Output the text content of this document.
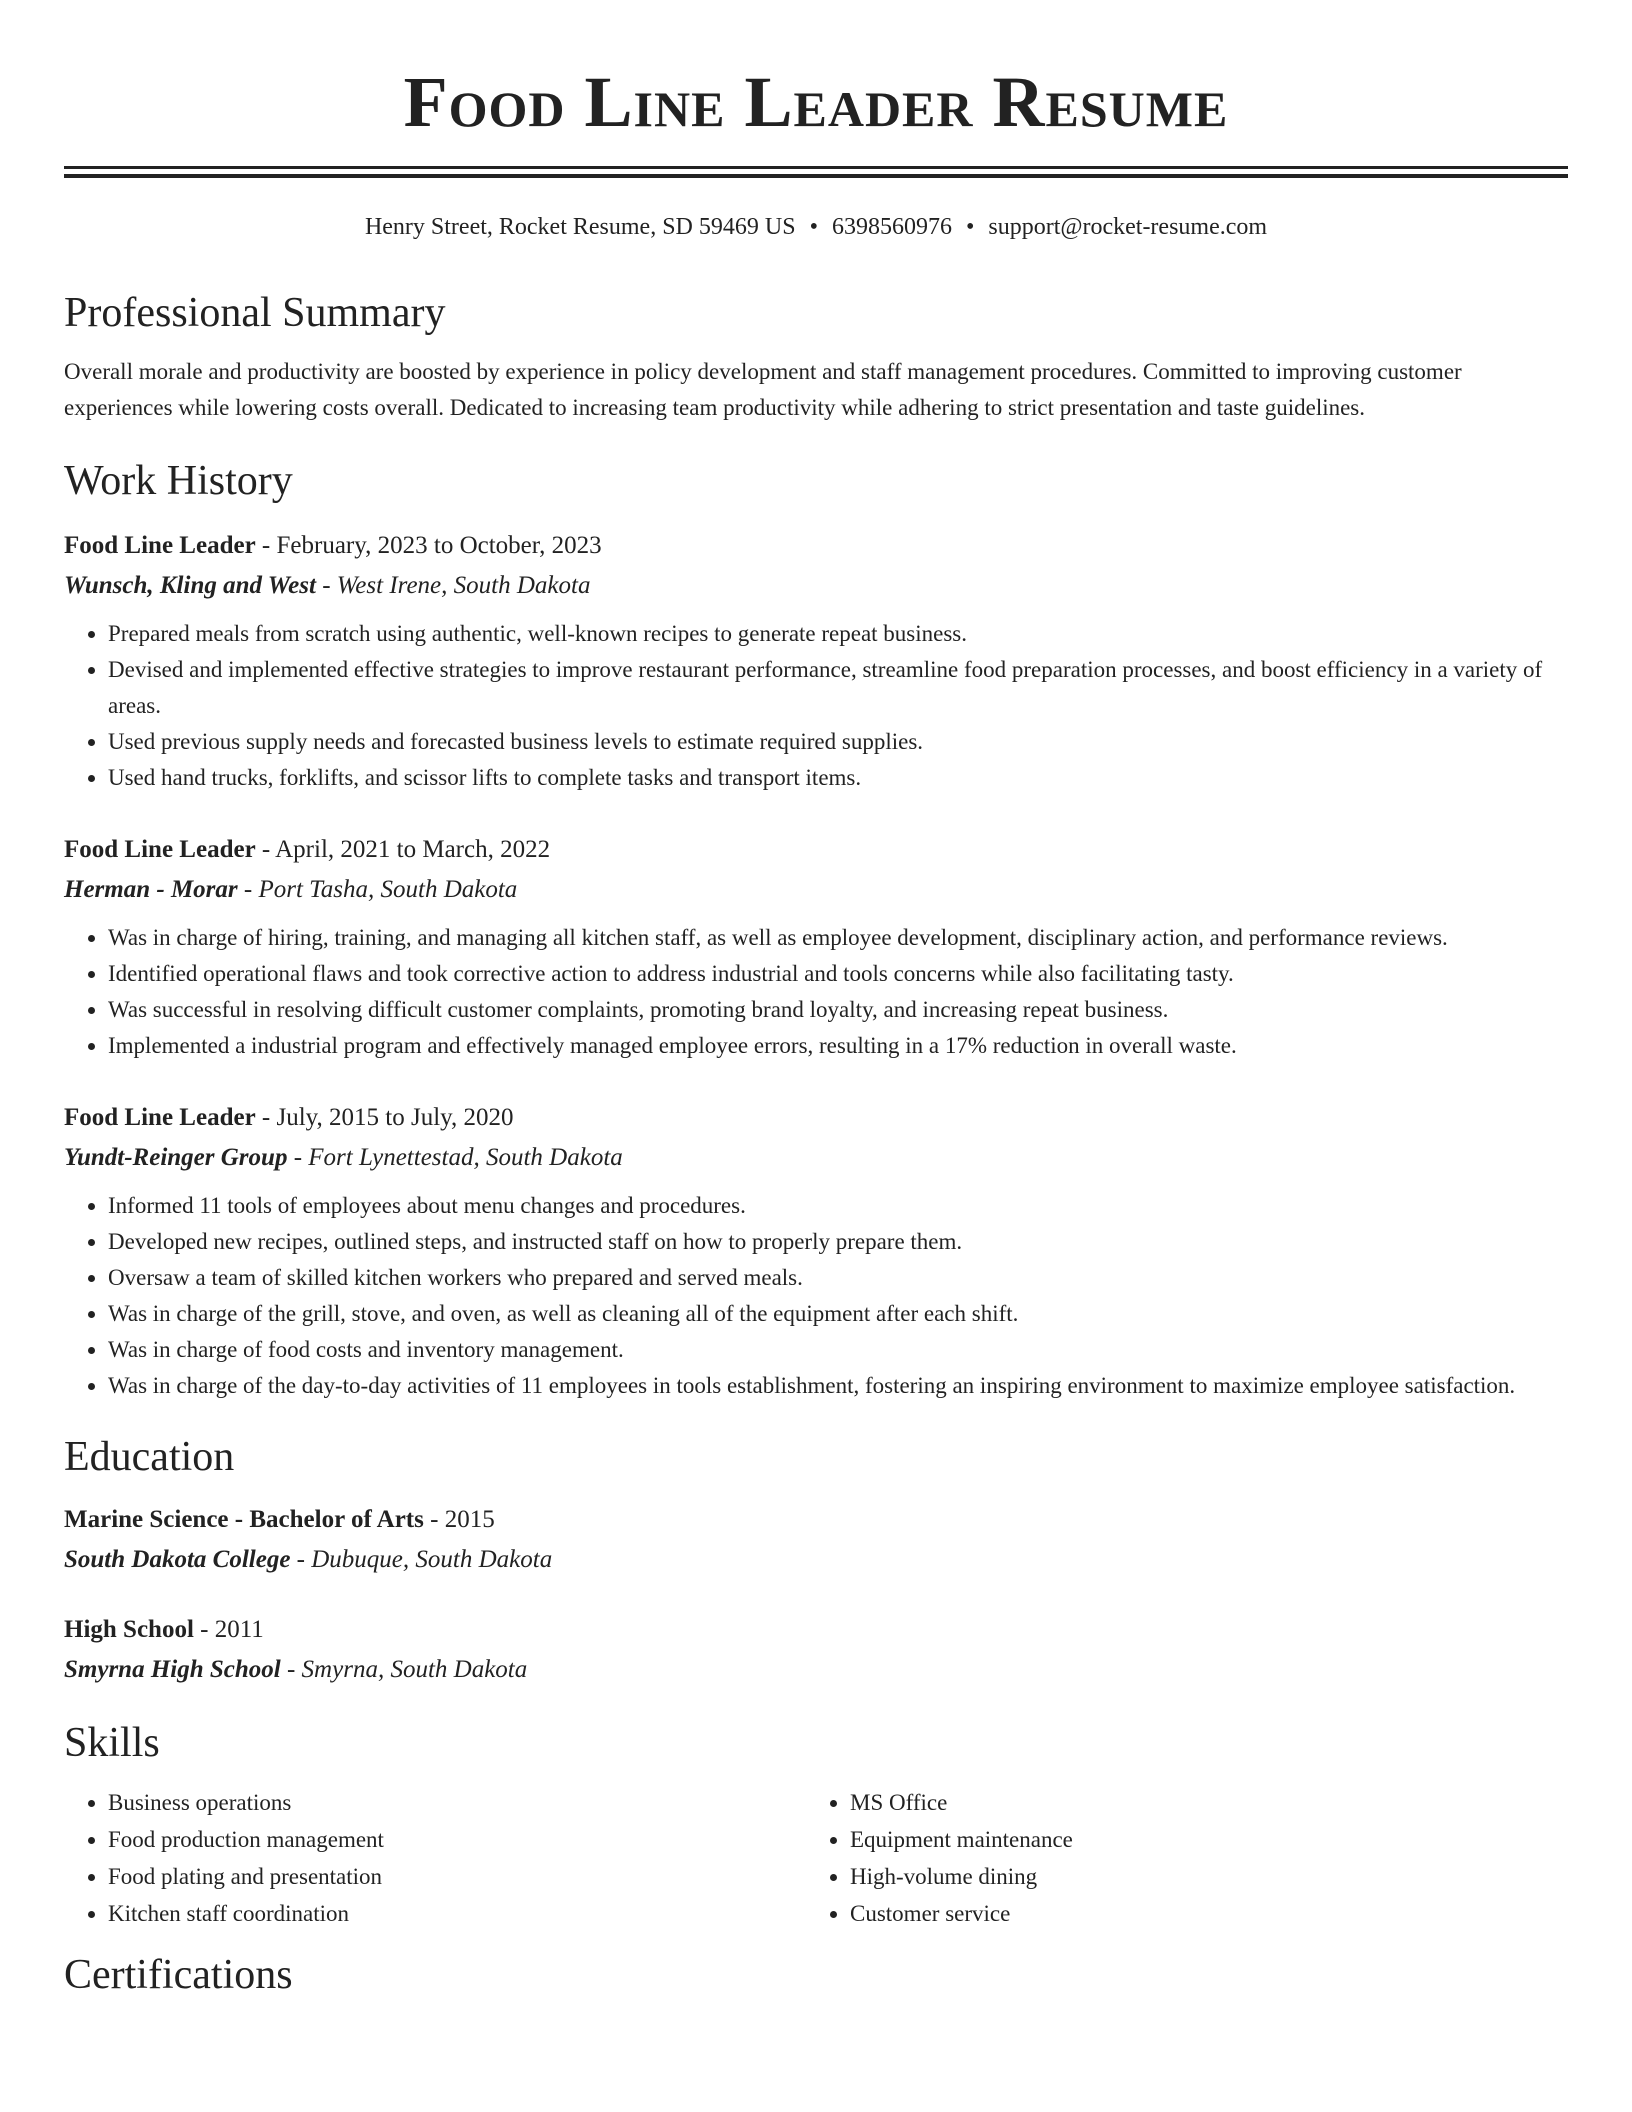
Food Line Leader Resume
Henry Street, Rocket Resume, SD 59469 US • 6398560976 • support@rocket-resume.com
Professional Summary
Overall morale and productivity are boosted by experience in policy development and staff management procedures. Committed to improving customer experiences while lowering costs overall. Dedicated to increasing team productivity while adhering to strict presentation and taste guidelines.
Work History
Food Line Leader - February, 2023 to October, 2023
Wunsch, Kling and West - West Irene, South Dakota
• Prepared meals from scratch using authentic, well-known recipes to generate repeat business.
• Devised and implemented effective strategies to improve restaurant performance, streamline food preparation processes, and boost efficiency in a variety of areas.
• Used previous supply needs and forecasted business levels to estimate required supplies.
• Used hand trucks, forklifts, and scissor lifts to complete tasks and transport items.
Food Line Leader - April, 2021 to March, 2022
Herman - Morar - Port Tasha, South Dakota
• Was in charge of hiring, training, and managing all kitchen staff, as well as employee development, disciplinary action, and performance reviews.
• Identified operational flaws and took corrective action to address industrial and tools concerns while also facilitating tasty.
• Was successful in resolving difficult customer complaints, promoting brand loyalty, and increasing repeat business.
• Implemented a industrial program and effectively managed employee errors, resulting in a 17% reduction in overall waste.
Food Line Leader - July, 2015 to July, 2020
Yundt-Reinger Group - Fort Lynettestad, South Dakota
• Informed 11 tools of employees about menu changes and procedures.
• Developed new recipes, outlined steps, and instructed staff on how to properly prepare them.
• Oversaw a team of skilled kitchen workers who prepared and served meals.
• Was in charge of the grill, stove, and oven, as well as cleaning all of the equipment after each shift.
• Was in charge of food costs and inventory management.
• Was in charge of the day-to-day activities of 11 employees in tools establishment, fostering an inspiring environment to maximize employee satisfaction.
Education
Marine Science - Bachelor of Arts - 2015
South Dakota College - Dubuque, South Dakota
High School - 2011
Smyrna High School - Smyrna, South Dakota
Skills
• Business operations
• Food production management
• Food plating and presentation
• Kitchen staff coordination
• MS Office
• Equipment maintenance
• High-volume dining
• Customer service
Certifications
